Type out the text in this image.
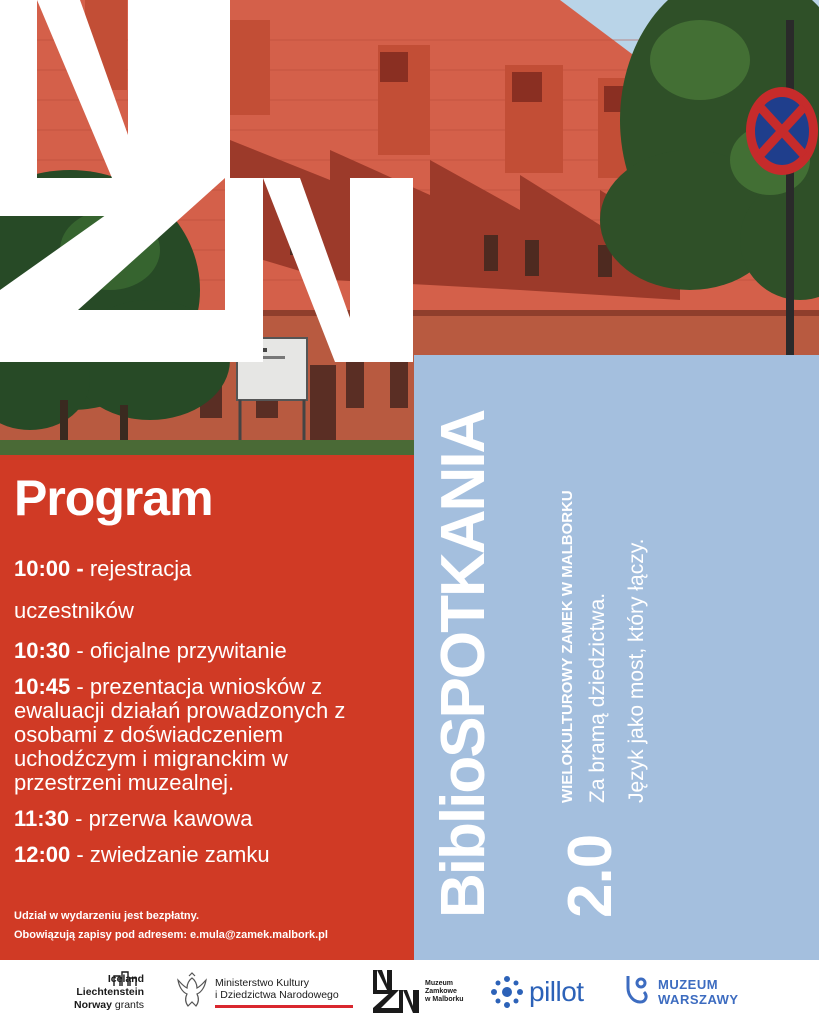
BiblioSPOTKANIA
2.0
WIELOKULTUROWY ZAMEK W MALBORKU Za bramą dziedzictwa. Język jako most, który łączy.
Program
10:00 - rejestracja
uczestników
10:30 - oficjalne przywitanie
10:45 - prezentacja wniosków z ewaluacji działań prowadzonych z osobami z doświadczeniem uchodźczym i migranckim w przestrzeni muzealnej.
11:30 - przerwa kawowa
12:00 - zwiedzanie zamku
Udział w wydarzeniu jest bezpłatny.
Obowiązują zapisy pod adresem: e.mula@zamek.malbork.pl
Iceland
Liechtenstein
Norway grants
Ministerstwo Kultury
i Dziedzictwa Narodowego
Muzeum
Zamkowe
w Malborku pillot	MUZEUM
WARSZAWY
